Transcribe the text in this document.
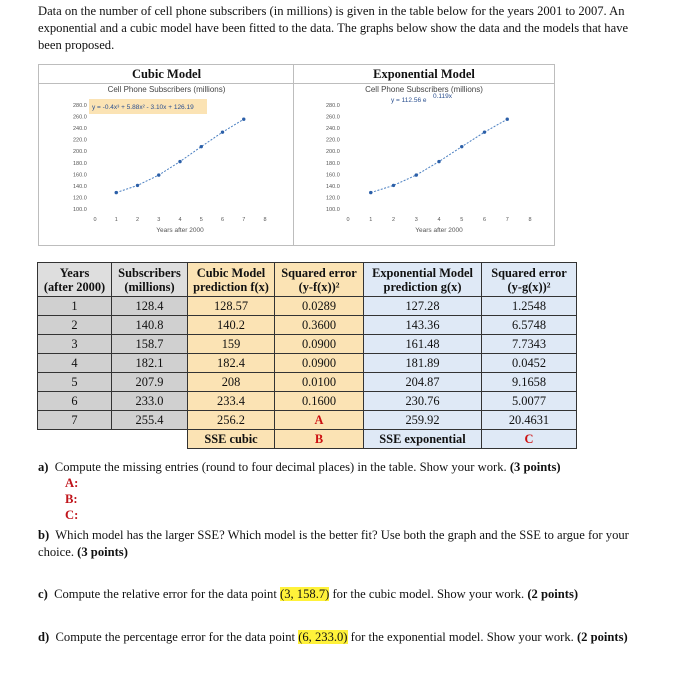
Data on the number of cell phone subscribers (in millions) is given in the table below for the years 2001 to 2007. An exponential and a cubic model have been fitted to the data. The graphs below show the data and the models that have been proposed.
Cubic Model
Cell Phone Subscribers (millions)
100.0
120.0
140.0
160.0
180.0
200.0
220.0
240.0
260.0
280.0
0	1	2	3	4	5	6	7	8
Years after 2000
y = -0.4x³ + 5.88x² - 3.10x + 126.19
Exponential Model
Cell Phone Subscribers (millions)
100.0
120.0
140.0
160.0
180.0
200.0
220.0
240.0
260.0
280.0
0	1	2	3	4	5	6	7	8
Years after 2000
y = 112.56 e
0.119x
Years
(after 2000)	Subscribers
(millions)	Cubic Model
prediction f(x)	Squared error
(y-f(x))²	Exponential Model
prediction g(x)	Squared error
(y-g(x))²
1	128.4	128.57	0.0289	127.28	1.2548
2	140.8	140.2	0.3600	143.36	6.5748
3	158.7	159	0.0900	161.48	7.7343
4	182.1	182.4	0.0900	181.89	0.0452
5	207.9	208	0.0100	204.87	9.1658
6	233.0	233.4	0.1600	230.76	5.0077
7	255.4	256.2	A	259.92	20.4631
		SSE cubic	B	SSE exponential	C
a) Compute the missing entries (round to four decimal places) in the table. Show your work. (3 points)
A:
B:
C:
b) Which model has the larger SSE? Which model is the better fit? Use both the graph and the SSE to argue for your choice. (3 points)
c) Compute the relative error for the data point (3, 158.7) for the cubic model. Show your work. (2 points)
d) Compute the percentage error for the data point (6, 233.0) for the exponential model. Show your work. (2 points)
